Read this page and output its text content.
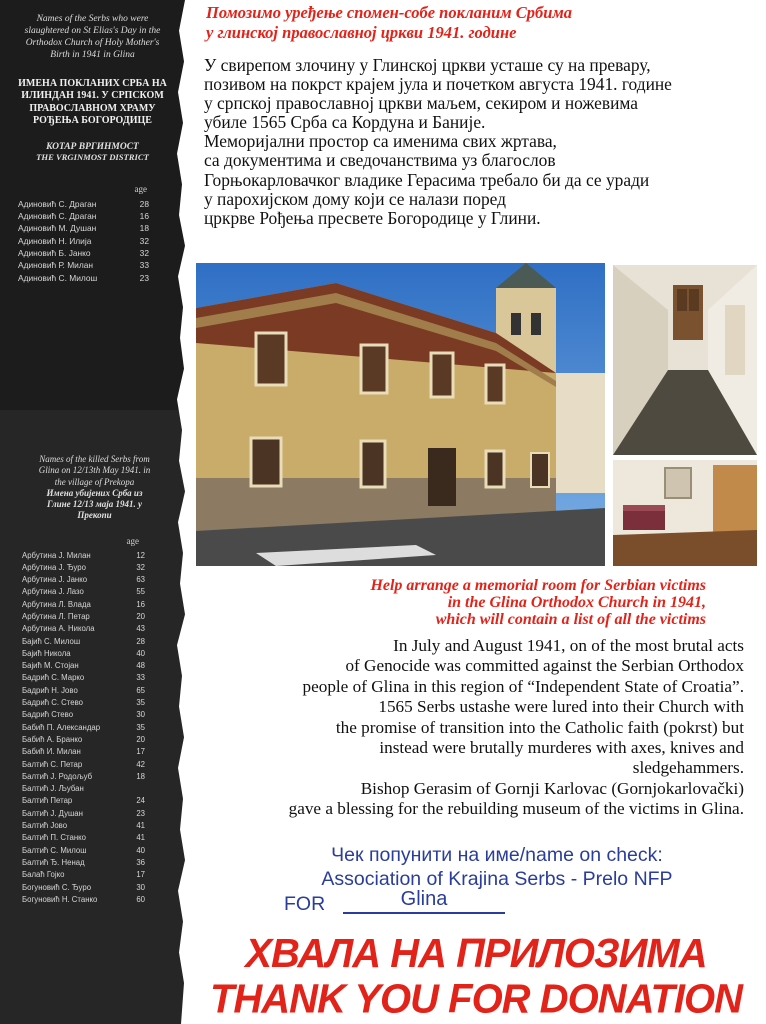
Names of the Serbs who were slaughtered on St Elias's Day in the Orthodox Church of Holy Mother's Birth in 1941 in Glina
ИМЕНА ПОКЛАНИХ СРБА НА ИЛИНДАН 1941. У СРПСКОМ ПРАВОСЛАВНОМ ХРАМУ РОЂЕЊА БОГОРОДИЦЕ
КОТАР ВРГИНМОСТ
THE VRGINMOST DISTRICT
age
Адиновић С. Драган	28
Адиновић С. Драган	16
Адиновић М. Душан	18
Адиновић Н. Илија	32
Адиновић Б. Јанко	32
Адиновић Р. Милан	33
Адиновић С. Милош	23
Names of the killed Serbs from Glina on 12/13th May 1941. in the village of Prekopa
Имена убијених Срба из Глине 12/13 маја 1941. у Прекопи
age
Арбутина Ј. Милан	12
Арбутина Ј. Ђуро	32
Арбутина Ј. Јанко	63
Арбутина Ј. Лазо	55
Арбутина Л. Влада	16
Арбутина Л. Петар	20
Арбутина А. Никола	43
Бајић С. Милош	28
Бајић Никола	40
Бајић М. Стојан	48
Бадрић С. Марко	33
Бадрић Н. Јово	65
Бадрић С. Стево	35
Бадрић Стево	30
Бабић П. Александар	35
Бабић А. Бранко	20
Бабић И. Милан	17
Балтић С. Петар	42
Балтић Ј. Родољуб	18
Балтић Ј. Љубан
Балтић Петар	24
Балтић Ј. Душан	23
Балтић Јово	41
Балтић П. Станко	41
Балтић С. Милош	40
Балтић Ђ. Ненад	36
Балаћ Гојко	17
Богуновић С. Ђуро	30
Богуновић Н. Станко	60
Помозимо уређење спомен-собе покланим Србима
у глинској православној цркви 1941. године
У свирепом злочину у Глинској цркви усташе су на превару,
позивом на покрст крајем јула и почетком августа 1941. године
у српској православној цркви маљем, секиром и ножевима
убиле 1565 Срба са Кордуна и Баније.
Меморијални простор са именима свих жртава,
са документима и сведочанствима уз благослов
Горњокарловачког владике Герасима требало би да се уради
у парохијском дому који се налази поред
цркрве Рођења пресвете Богородице у Глини.
Help arrange a memorial room for Serbian victims
in the Glina Orthodox Church in 1941,
which will contain a list of all the victims
In July and August 1941, on of the most brutal acts
of Genocide was committed against the Serbian Orthodox
people of Glina in this region of “Independent State of Croatia”.
1565 Serbs ustashe were lured into their Church with
the promise of transition into the Catholic faith (pokrst) but
instead were brutally murderes with axes, knives and
sledgehammers.
Bishop Gerasim of Gornji Karlovac (Gornjokarlovački)
gave a blessing for the rebuilding museum of the victims in Glina.
Чек попунити на име/name on check:
Association of Krajina Serbs - Prelo NFP
FOR	Glina
ХВАЛА НА ПРИЛОЗИМА
THANK YOU FOR DONATION
